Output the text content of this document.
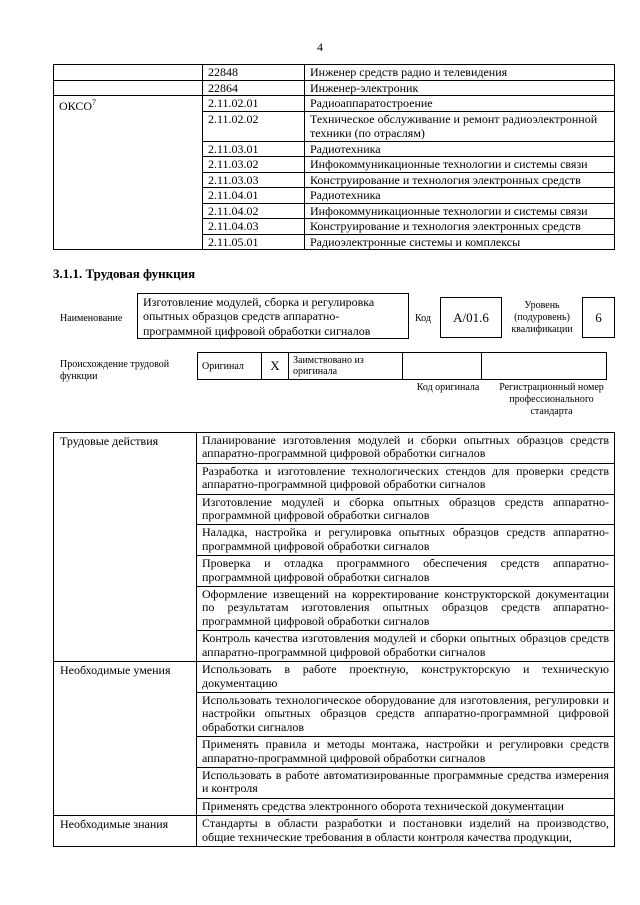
4
	22848	Инженер средств радио и телевидения
	22864	Инженер-электроник
ОКСО$^7$	2.11.02.01	Радиоаппаратостроение
	2.11.02.02	Техническое обслуживание и ремонт радиоэлектронной техники (по отраслям)
	2.11.03.01	Радиотехника
	2.11.03.02	Инфокоммуникационные технологии и системы связи
	2.11.03.03	Конструирование и технология электронных средств
	2.11.04.01	Радиотехника
	2.11.04.02	Инфокоммуникационные технологии и системы связи
	2.11.04.03	Конструирование и технология электронных средств
	2.11.05.01	Радиоэлектронные системы и комплексы
3.1.1. Трудовая функция
Наименование
Изготовление модулей, сборка и регулировка опытных образцов средств аппаратно-программной цифровой обработки сигналов
Код	A/01.6
Уровень (подуровень) квалификации
6
Происхождение трудовой функции
Оригинал	X	Заимствовано из оригинала		
Код оригинала	Регистрационный номер профессионального стандарта
Трудовые действия	Планирование изготовления модулей и сборки опытных образцов средств аппаратно-программной цифровой обработки сигналов
	Разработка и изготовление технологических стендов для проверки средств аппаратно-программной цифровой обработки сигналов
	Изготовление модулей и сборка опытных образцов средств аппаратно-программной цифровой обработки сигналов
	Наладка, настройка и регулировка опытных образцов средств аппаратно-программной цифровой обработки сигналов
	Проверка и отладка программного обеспечения средств аппаратно-программной цифровой обработки сигналов
	Оформление извещений на корректирование конструкторской документации по результатам изготовления опытных образцов средств аппаратно-программной цифровой обработки сигналов
	Контроль качества изготовления модулей и сборки опытных образцов средств аппаратно-программной цифровой обработки сигналов
Необходимые умения	Использовать в работе проектную, конструкторскую и техническую документацию
	Использовать технологическое оборудование для изготовления, регулировки и настройки опытных образцов средств аппаратно-программной цифровой обработки сигналов
	Применять правила и методы монтажа, настройки и регулировки средств аппаратно-программной цифровой обработки сигналов
	Использовать в работе автоматизированные программные средства измерения и контроля
	Применять средства электронного оборота технической документации
Необходимые знания	Стандарты в области разработки и постановки изделий на производство, общие технические требования в области контроля качества продукции,
